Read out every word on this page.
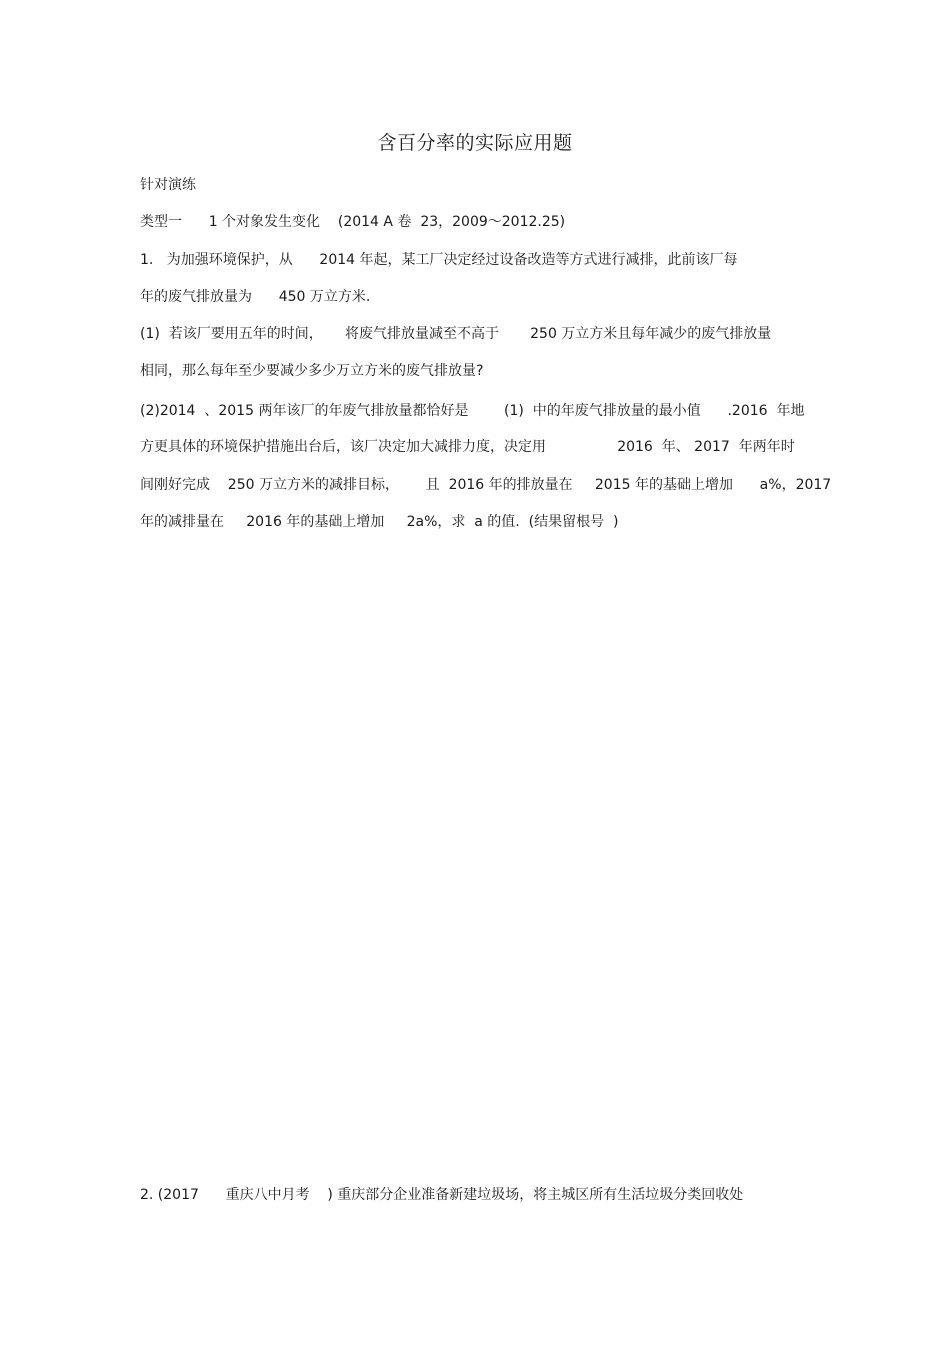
含百分率的实际应用题
针对演练
类型一      1 个对象发生变化    (2014 A 卷  23，2009～2012.25)
1.   为加强环境保护，从      2014 年起，某工厂决定经过设备改造等方式进行减排，此前该厂每
年的废气排放量为      450 万立方米.
(1)  若该厂要用五年的时间，     将废气排放量减至不高于       250 万立方米且每年减少的废气排放量
相同，那么每年至少要减少多少万立方米的废气排放量?
(2)2014  、2015 两年该厂的年废气排放量都恰好是        (1)  中的年废气排放量的最小值      .2016  年地
方更具体的环境保护措施出台后，该厂决定加大减排力度，决定用                2016  年、 2017  年两年时
间刚好完成    250 万立方米的减排目标，      且  2016 年的排放量在     2015 年的基础上增加      a%，2017
年的减排量在     2016 年的基础上增加     2a%，求  a 的值.  (结果留根号  )
2. (2017      重庆八中月考    ) 重庆部分企业准备新建垃圾场，将主城区所有生活垃圾分类回收处
